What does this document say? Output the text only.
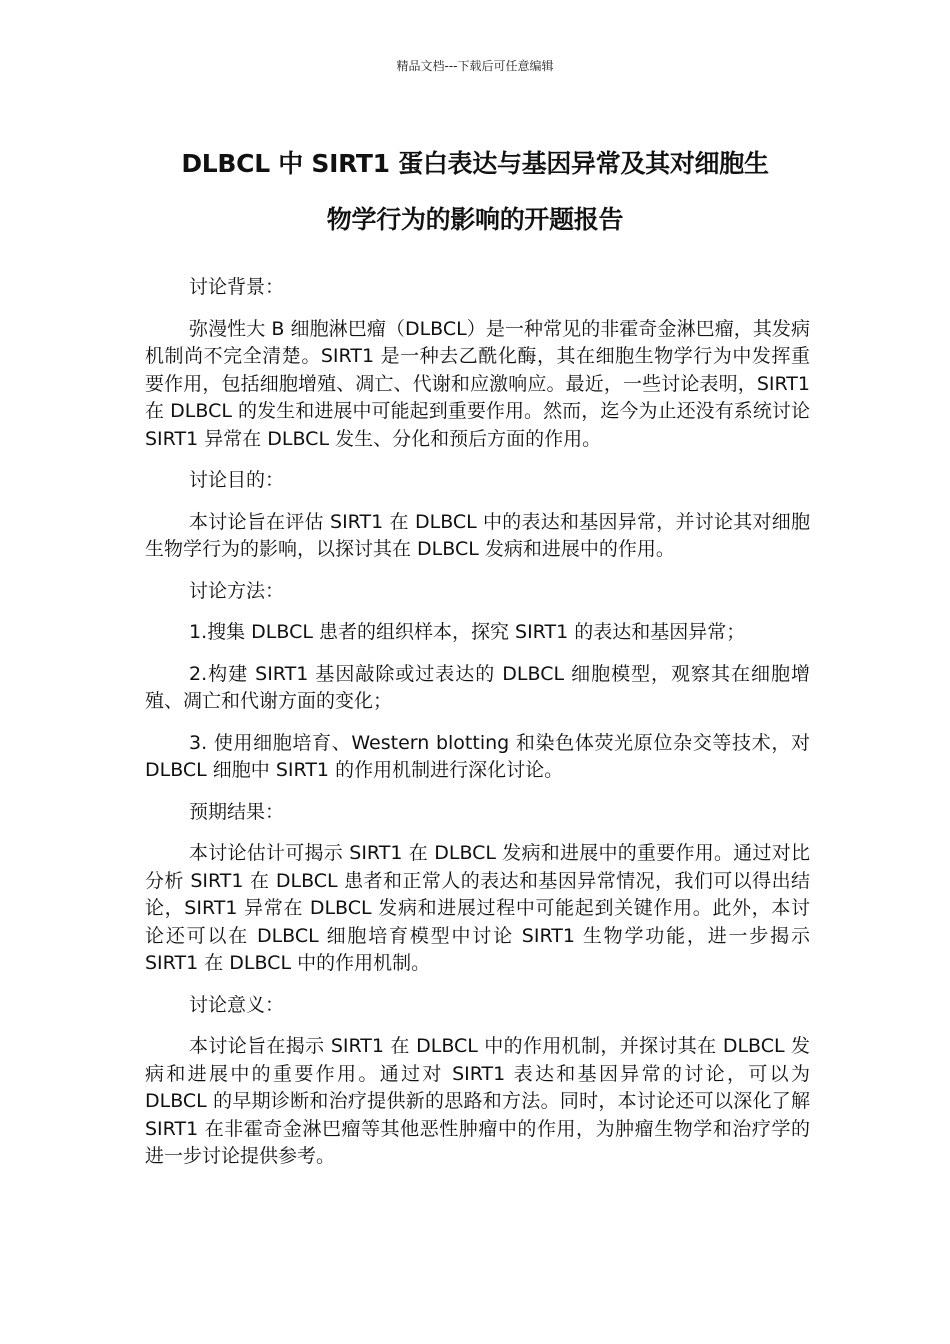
精品文档---下载后可任意编辑
DLBCL 中 SIRT1 蛋白表达与基因异常及其对细胞生
物学行为的影响的开题报告

讨论背景：

弥漫性大 B 细胞淋巴瘤（DLBCL）是一种常见的非霍奇金淋巴瘤，其发病机制尚不完全清楚。SIRT1 是一种去乙酰化酶，其在细胞生物学行为中发挥重要作用，包括细胞增殖、凋亡、代谢和应激响应。最近，一些讨论表明，SIRT1 在 DLBCL 的发生和进展中可能起到重要作用。然而，迄今为止还没有系统讨论 SIRT1 异常在 DLBCL 发生、分化和预后方面的作用。

讨论目的：

本讨论旨在评估 SIRT1 在 DLBCL 中的表达和基因异常，并讨论其对细胞生物学行为的影响，以探讨其在 DLBCL 发病和进展中的作用。

讨论方法：

1.搜集 DLBCL 患者的组织样本，探究 SIRT1 的表达和基因异常；

2.构建 SIRT1 基因敲除或过表达的 DLBCL 细胞模型，观察其在细胞增殖、凋亡和代谢方面的变化；

3. 使用细胞培育、Western blotting 和染色体荧光原位杂交等技术，对 DLBCL 细胞中 SIRT1 的作用机制进行深化讨论。

预期结果：

本讨论估计可揭示 SIRT1 在 DLBCL 发病和进展中的重要作用。通过对比分析 SIRT1 在 DLBCL 患者和正常人的表达和基因异常情况，我们可以得出结论，SIRT1 异常在 DLBCL 发病和进展过程中可能起到关键作用。此外，本讨论还可以在 DLBCL 细胞培育模型中讨论 SIRT1 生物学功能，进一步揭示 SIRT1 在 DLBCL 中的作用机制。

讨论意义：

本讨论旨在揭示 SIRT1 在 DLBCL 中的作用机制，并探讨其在 DLBCL 发病和进展中的重要作用。通过对 SIRT1 表达和基因异常的讨论，可以为 DLBCL 的早期诊断和治疗提供新的思路和方法。同时，本讨论还可以深化了解 SIRT1 在非霍奇金淋巴瘤等其他恶性肿瘤中的作用，为肿瘤生物学和治疗学的进一步讨论提供参考。
